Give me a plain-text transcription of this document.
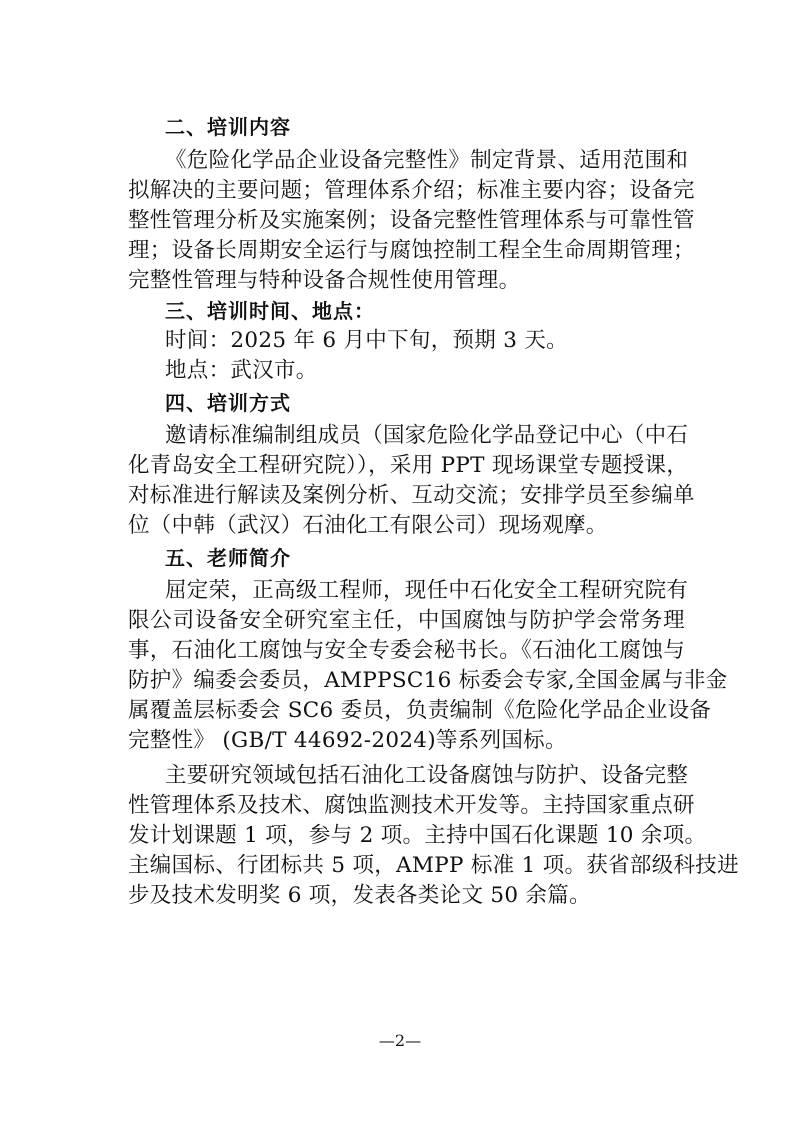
二、培训内容
《危险化学品企业设备完整性》制定背景、适用范围和
拟解决的主要问题；管理体系介绍；标准主要内容；设备完
整性管理分析及实施案例；设备完整性管理体系与可靠性管
理；设备长周期安全运行与腐蚀控制工程全生命周期管理；
完整性管理与特种设备合规性使用管理。
三、培训时间、地点：
时间：2025 年 6 月中下旬，预期 3 天。
地点：武汉市。
四、培训方式
邀请标准编制组成员（国家危险化学品登记中心（中石
化青岛安全工程研究院）），采用 PPT 现场课堂专题授课，
对标准进行解读及案例分析、互动交流；安排学员至参编单
位（中韩（武汉）石油化工有限公司）现场观摩。
五、老师简介
屈定荣，正高级工程师，现任中石化安全工程研究院有
限公司设备安全研究室主任，中国腐蚀与防护学会常务理
事，石油化工腐蚀与安全专委会秘书长。《石油化工腐蚀与
防护》编委会委员，AMPPSC16 标委会专家,全国金属与非金
属覆盖层标委会 SC6 委员，负责编制《危险化学品企业设备
完整性》 (GB/T 44692-2024)等系列国标。
主要研究领域包括石油化工设备腐蚀与防护、设备完整
性管理体系及技术、腐蚀监测技术开发等。主持国家重点研
发计划课题 1 项，参与 2 项。主持中国石化课题 10 余项。
主编国标、行团标共 5 项，AMPP 标准 1 项。获省部级科技进
步及技术发明奖 6 项，发表各类论文 50 余篇。
—2—
